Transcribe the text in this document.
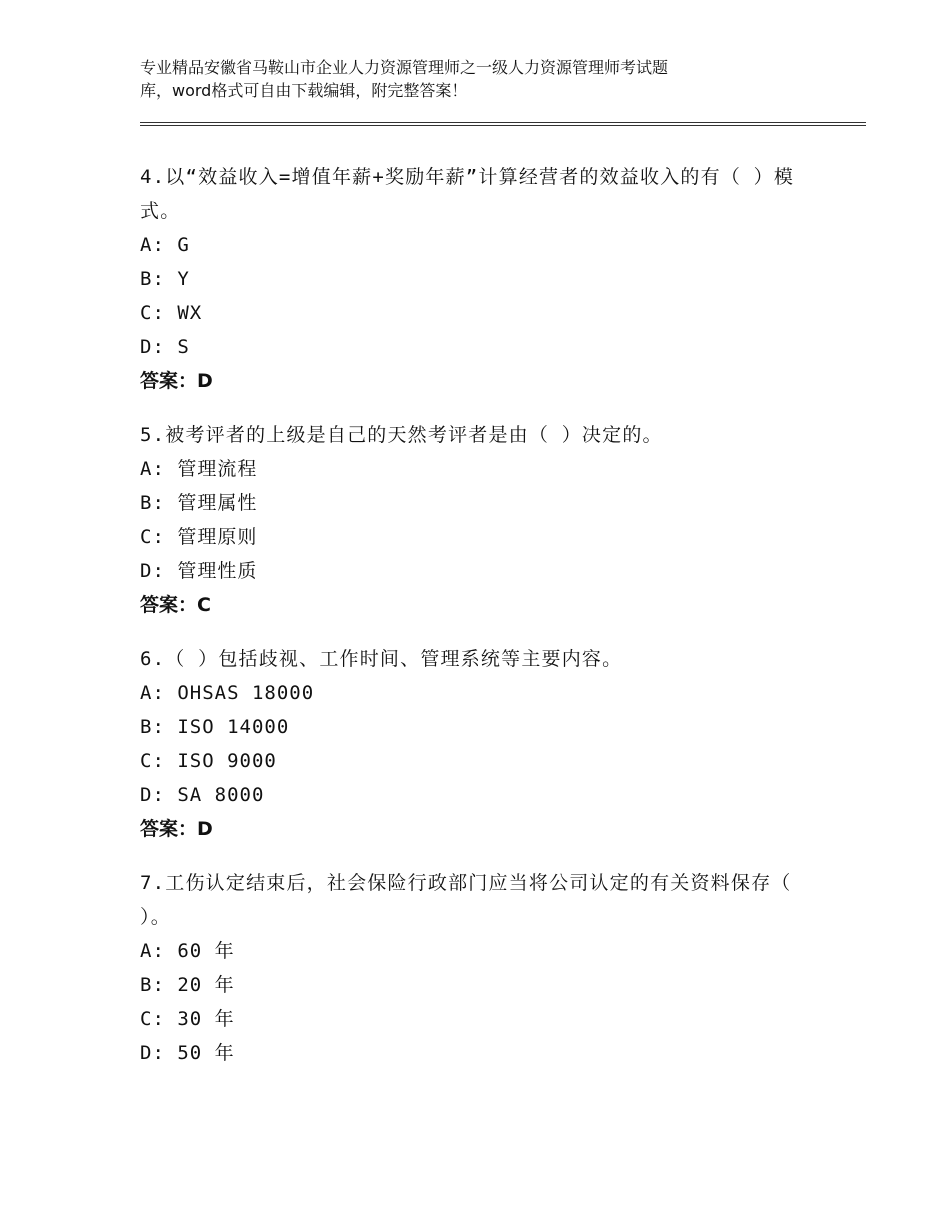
专业精品安徽省马鞍山市企业人力资源管理师之一级人力资源管理师考试题
库，word格式可自由下载编辑，附完整答案！
4.以“效益收入=增值年薪+奖励年薪”计算经营者的效益收入的有（ ）模式。
A: G
B: Y
C: WX
D: S
答案：D
5.被考评者的上级是自己的天然考评者是由（ ）决定的。
A: 管理流程
B: 管理属性
C: 管理原则
D: 管理性质
答案：C
6.（ ）包括歧视、工作时间、管理系统等主要内容。
A: OHSAS 18000
B: ISO 14000
C: ISO 9000
D: SA 8000
答案：D
7.工伤认定结束后，社会保险行政部门应当将公司认定的有关资料保存（ ）。
A: 60 年
B: 20 年
C: 30 年
D: 50 年
